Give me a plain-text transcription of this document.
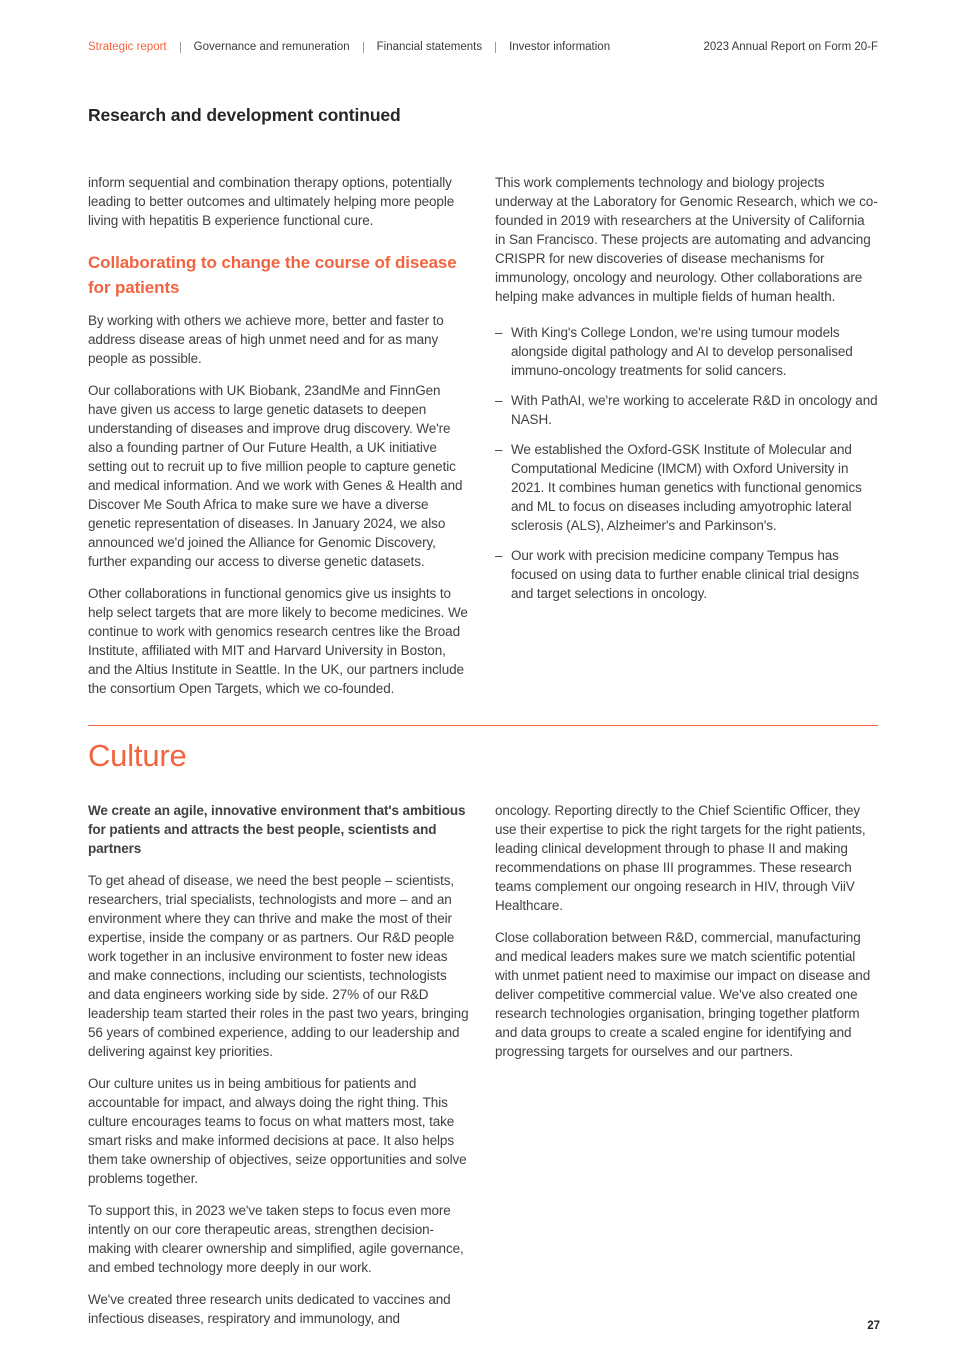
Strategic report Governance and remuneration Financial statements Investor information	2023 Annual Report on Form 20-F
Research and development continued

inform sequential and combination therapy options, potentially leading to better outcomes and ultimately helping more people living with hepatitis B experience functional cure.

Collaborating to change the course of disease for patients

By working with others we achieve more, better and faster to address disease areas of high unmet need and for as many people as possible.

Our collaborations with UK Biobank, 23andMe and FinnGen have given us access to large genetic datasets to deepen understanding of diseases and improve drug discovery. We're also a founding partner of Our Future Health, a UK initiative setting out to recruit up to five million people to capture genetic and medical information. And we work with Genes & Health and Discover Me South Africa to make sure we have a diverse genetic representation of diseases. In January 2024, we also announced we'd joined the Alliance for Genomic Discovery, further expanding our access to diverse genetic datasets.

Other collaborations in functional genomics give us insights to help select targets that are more likely to become medicines. We continue to work with genomics research centres like the Broad Institute, affiliated with MIT and Harvard University in Boston, and the Altius Institute in Seattle. In the UK, our partners include the consortium Open Targets, which we co-founded.

This work complements technology and biology projects underway at the Laboratory for Genomic Research, which we co-founded in 2019 with researchers at the University of California in San Francisco. These projects are automating and advancing CRISPR for new discoveries of disease mechanisms for immunology, oncology and neurology. Other collaborations are helping make advances in multiple fields of human health.

– With King's College London, we're using tumour models alongside digital pathology and AI to develop personalised immuno-oncology treatments for solid cancers.
– With PathAI, we're working to accelerate R&D in oncology and NASH.
– We established the Oxford-GSK Institute of Molecular and Computational Medicine (IMCM) with Oxford University in 2021. It combines human genetics with functional genomics and ML to focus on diseases including amyotrophic lateral sclerosis (ALS), Alzheimer's and Parkinson's.
– Our work with precision medicine company Tempus has focused on using data to further enable clinical trial designs and target selections in oncology.
Culture

We create an agile, innovative environment that's ambitious for patients and attracts the best people, scientists and partners

To get ahead of disease, we need the best people – scientists, researchers, trial specialists, technologists and more – and an environment where they can thrive and make the most of their expertise, inside the company or as partners. Our R&D people work together in an inclusive environment to foster new ideas and make connections, including our scientists, technologists and data engineers working side by side. 27% of our R&D leadership team started their roles in the past two years, bringing 56 years of combined experience, adding to our leadership and delivering against key priorities.

Our culture unites us in being ambitious for patients and accountable for impact, and always doing the right thing. This culture encourages teams to focus on what matters most, take smart risks and make informed decisions at pace. It also helps them take ownership of objectives, seize opportunities and solve problems together.

To support this, in 2023 we've taken steps to focus even more intently on our core therapeutic areas, strengthen decision-making with clearer ownership and simplified, agile governance, and embed technology more deeply in our work.

We've created three research units dedicated to vaccines and infectious diseases, respiratory and immunology, and

oncology. Reporting directly to the Chief Scientific Officer, they use their expertise to pick the right targets for the right patients, leading clinical development through to phase II and making recommendations on phase III programmes. These research teams complement our ongoing research in HIV, through ViiV Healthcare.

Close collaboration between R&D, commercial, manufacturing and medical leaders makes sure we match scientific potential with unmet patient need to maximise our impact on disease and deliver competitive commercial value. We've also created one research technologies organisation, bringing together platform and data groups to create a scaled engine for identifying and progressing targets for ourselves and our partners.

27
